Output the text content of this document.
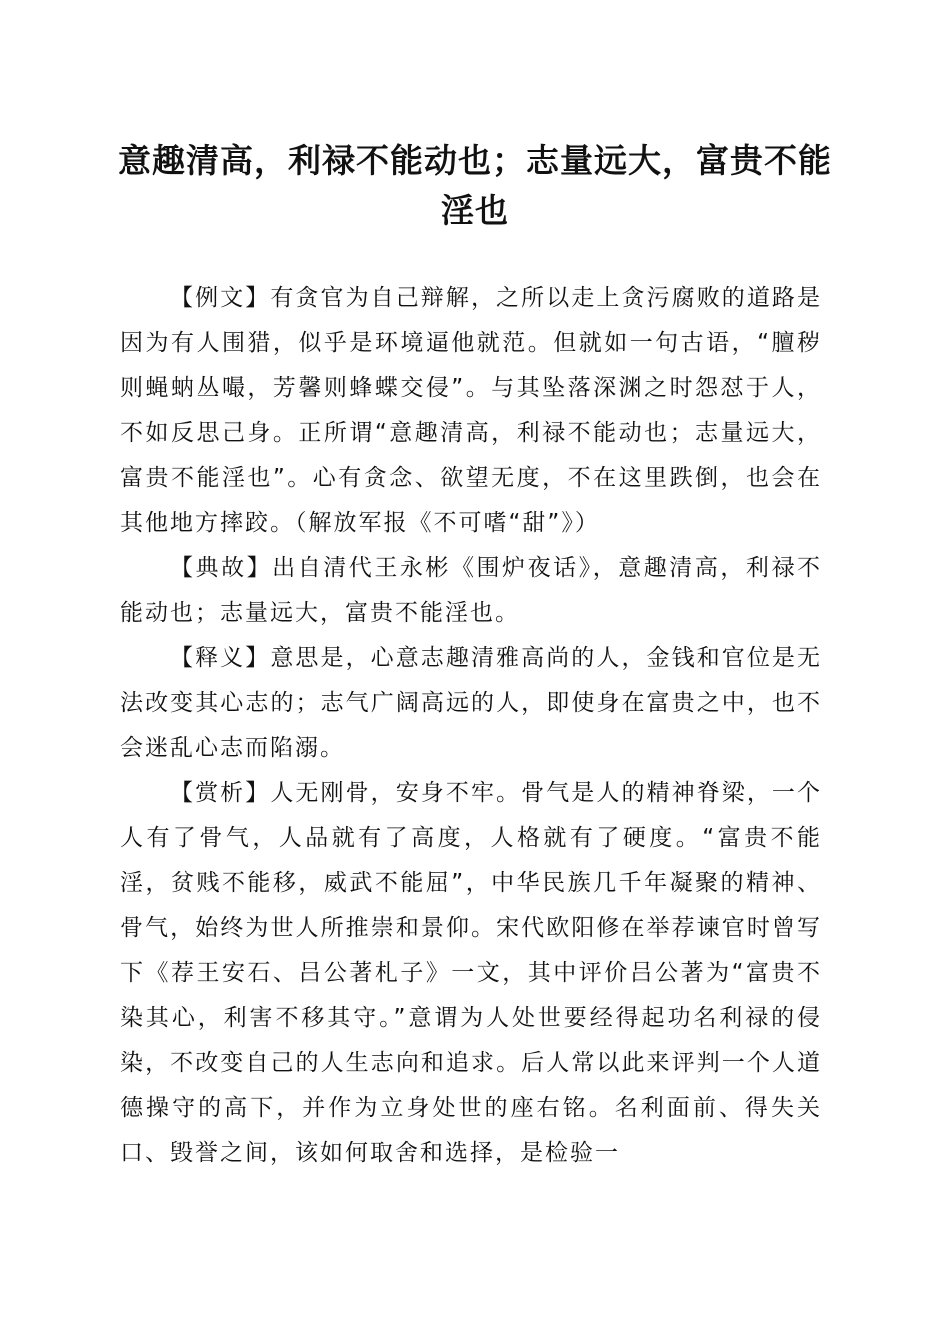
意趣清高，利禄不能动也；志量远大，富贵不能淫也

【例文】有贪官为自己辩解，之所以走上贪污腐败的道路是因为有人围猎，似乎是环境逼他就范。但就如一句古语，“膻秽则蝇蚋丛嘬，芳馨则蜂蝶交侵”。与其坠落深渊之时怨怼于人，不如反思己身。正所谓“意趣清高，利禄不能动也；志量远大，富贵不能淫也”。心有贪念、欲望无度，不在这里跌倒，也会在其他地方摔跤。（解放军报《不可嗜“甜”》）

【典故】出自清代王永彬《围炉夜话》，意趣清高，利禄不能动也；志量远大，富贵不能淫也。

【释义】意思是，心意志趣清雅高尚的人，金钱和官位是无法改变其心志的；志气广阔高远的人，即使身在富贵之中，也不会迷乱心志而陷溺。

【赏析】人无刚骨，安身不牢。骨气是人的精神脊梁，一个人有了骨气，人品就有了高度，人格就有了硬度。“富贵不能淫，贫贱不能移，威武不能屈”，中华民族几千年凝聚的精神、骨气，始终为世人所推崇和景仰。宋代欧阳修在举荐谏官时曾写下《荐王安石、吕公著札子》一文，其中评价吕公著为“富贵不染其心，利害不移其守。”意谓为人处世要经得起功名利禄的侵染，不改变自己的人生志向和追求。后人常以此来评判一个人道德操守的高下，并作为立身处世的座右铭。名利面前、得失关口、毁誉之间，该如何取舍和选择，是检验一
